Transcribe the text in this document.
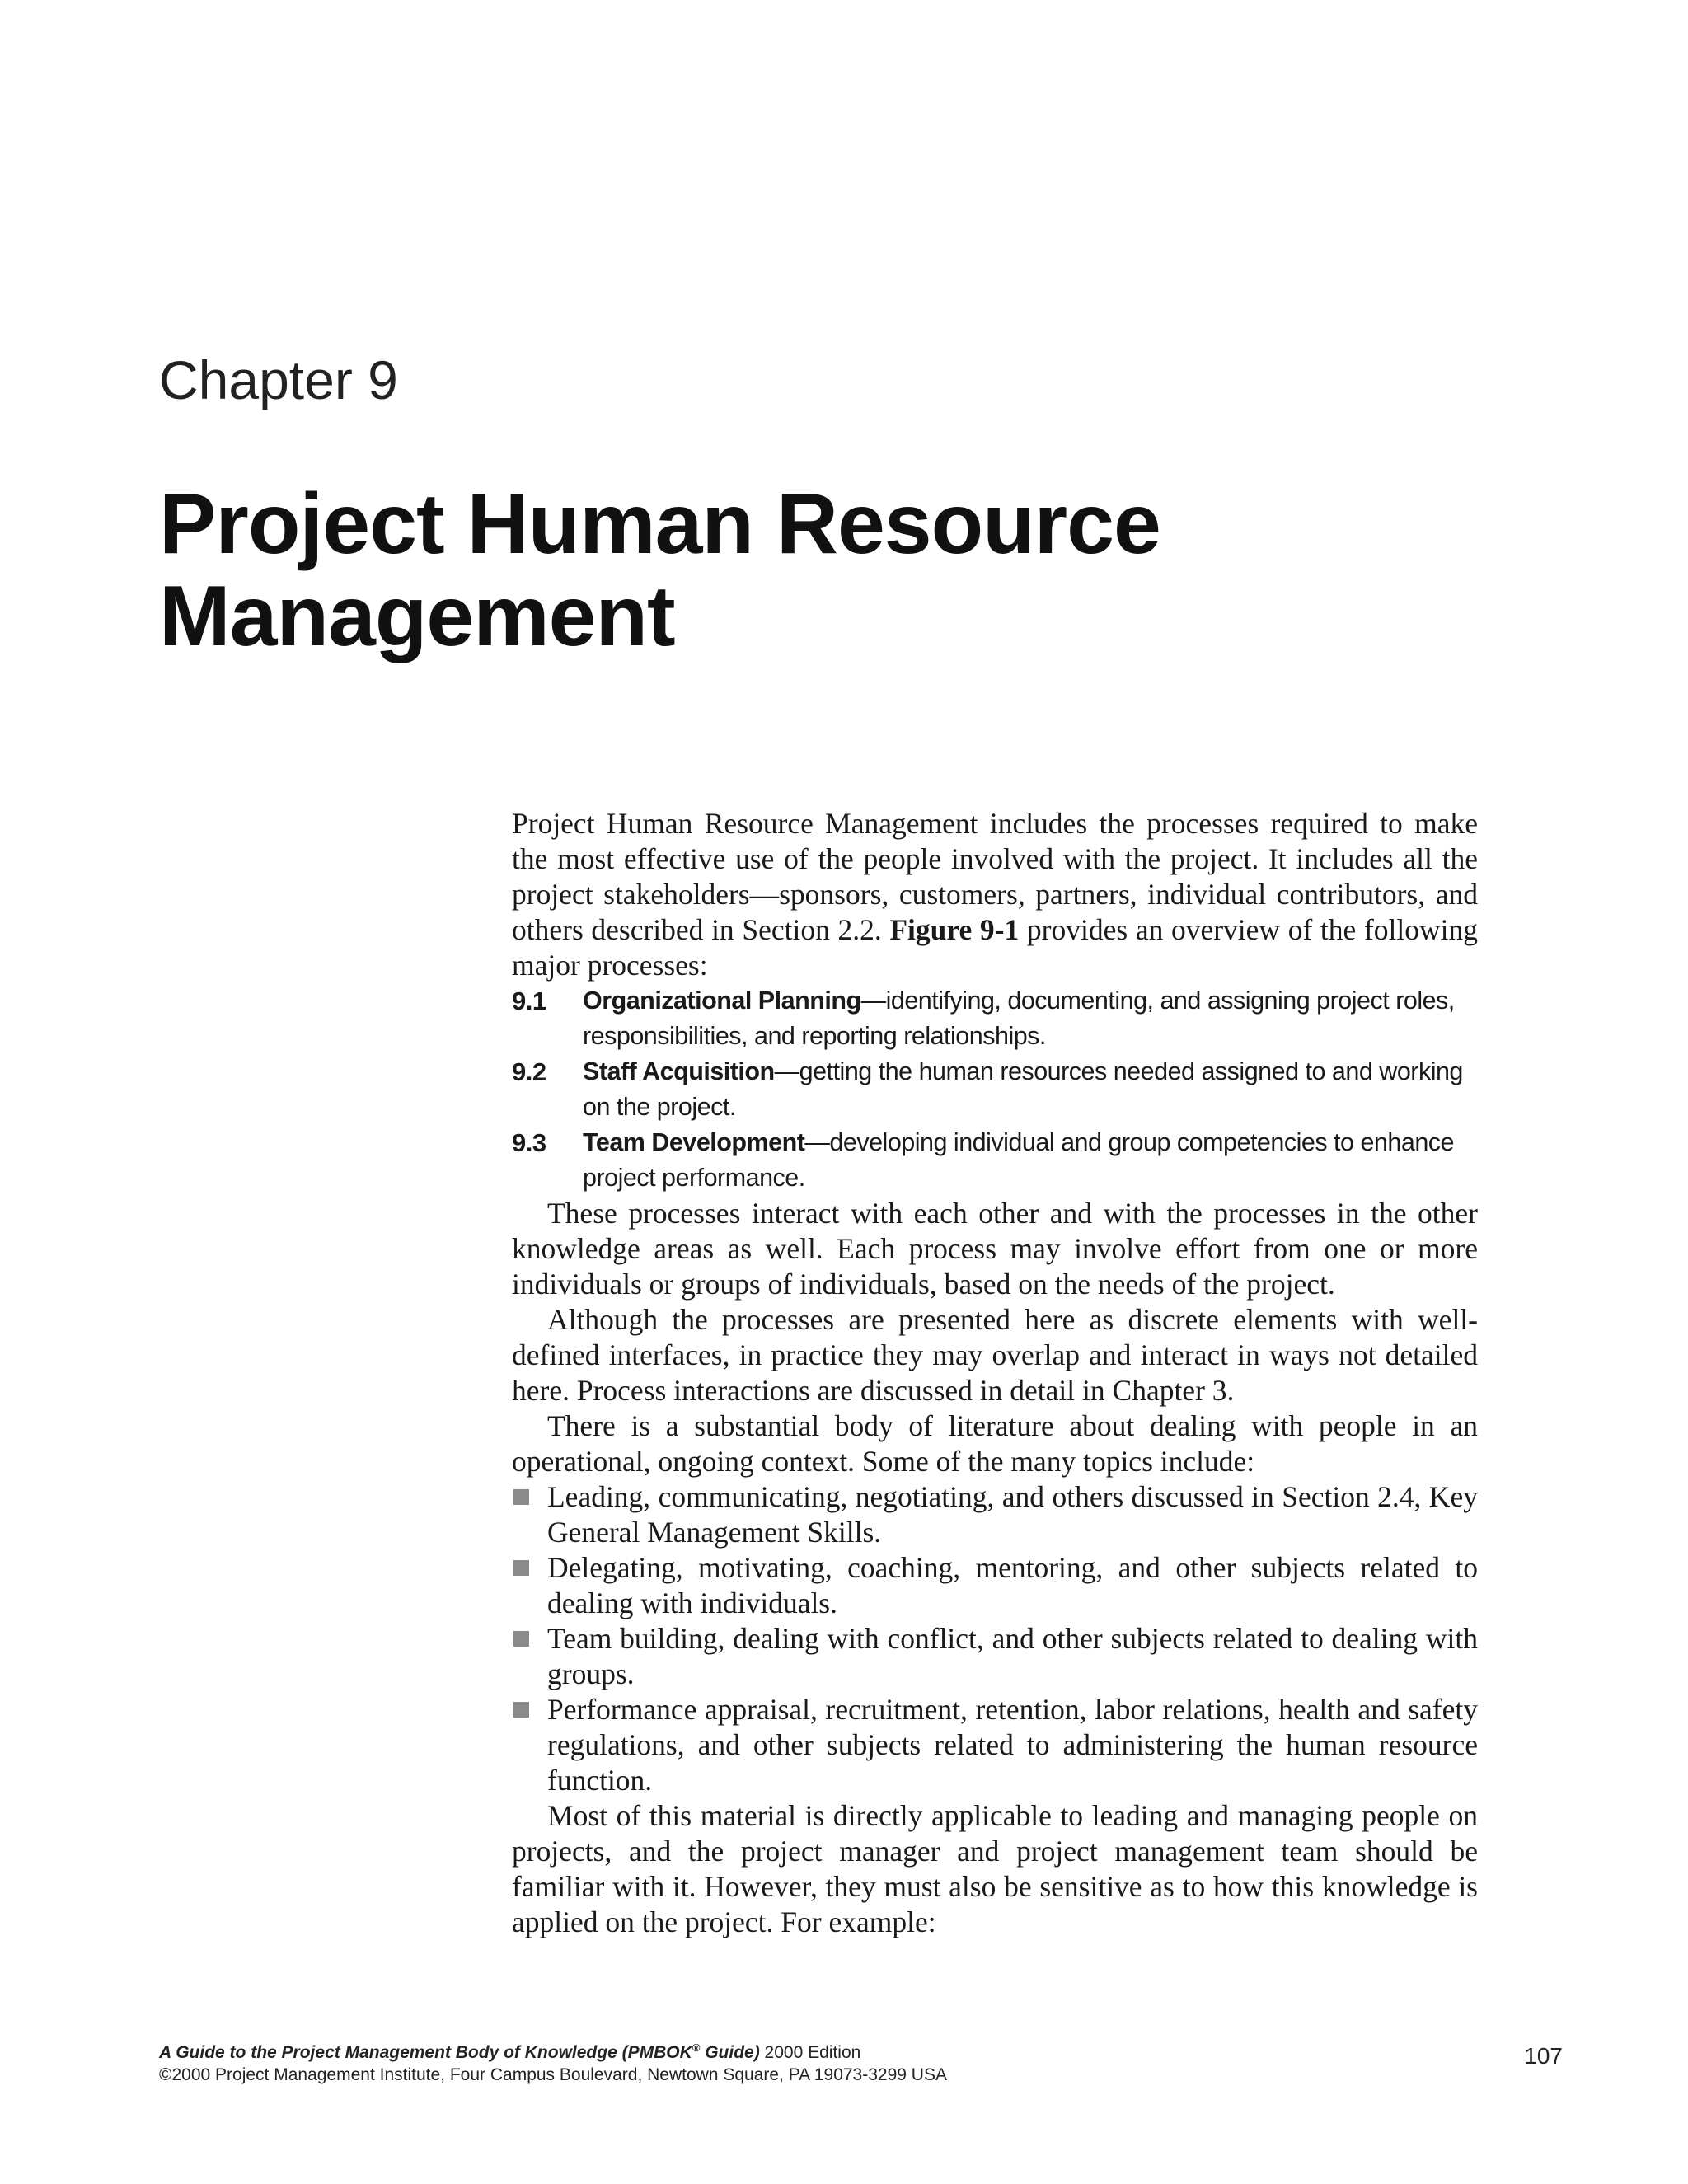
Chapter 9
Project Human Resource
Management

Project Human Resource Management includes the processes required to make the most effective use of the people involved with the project. It includes all the project stakeholders—sponsors, customers, partners, individual contributors, and others described in Section 2.2. Figure 9-1 provides an overview of the following major processes:

9.1 Organizational Planning—identifying, documenting, and assigning project roles, responsibilities, and reporting relationships.
9.2 Staff Acquisition—getting the human resources needed assigned to and working on the project.
9.3 Team Development—developing individual and group competencies to enhance project performance.

These processes interact with each other and with the processes in the other knowledge areas as well. Each process may involve effort from one or more individuals or groups of individuals, based on the needs of the project.

Although the processes are presented here as discrete elements with well-defined interfaces, in practice they may overlap and interact in ways not detailed here. Process interactions are discussed in detail in Chapter 3.

There is a substantial body of literature about dealing with people in an operational, ongoing context. Some of the many topics include:

Leading, communicating, negotiating, and others discussed in Section 2.4, Key General Management Skills.
Delegating, motivating, coaching, mentoring, and other subjects related to dealing with individuals.
Team building, dealing with conflict, and other subjects related to dealing with groups.
Performance appraisal, recruitment, retention, labor relations, health and safety regulations, and other subjects related to administering the human resource function.

Most of this material is directly applicable to leading and managing people on projects, and the project manager and project management team should be familiar with it. However, they must also be sensitive as to how this knowledge is applied on the project. For example:

A Guide to the Project Management Body of Knowledge (PMBOK® Guide) 2000 Edition
©2000 Project Management Institute, Four Campus Boulevard, Newtown Square, PA 19073-3299 USA
107
